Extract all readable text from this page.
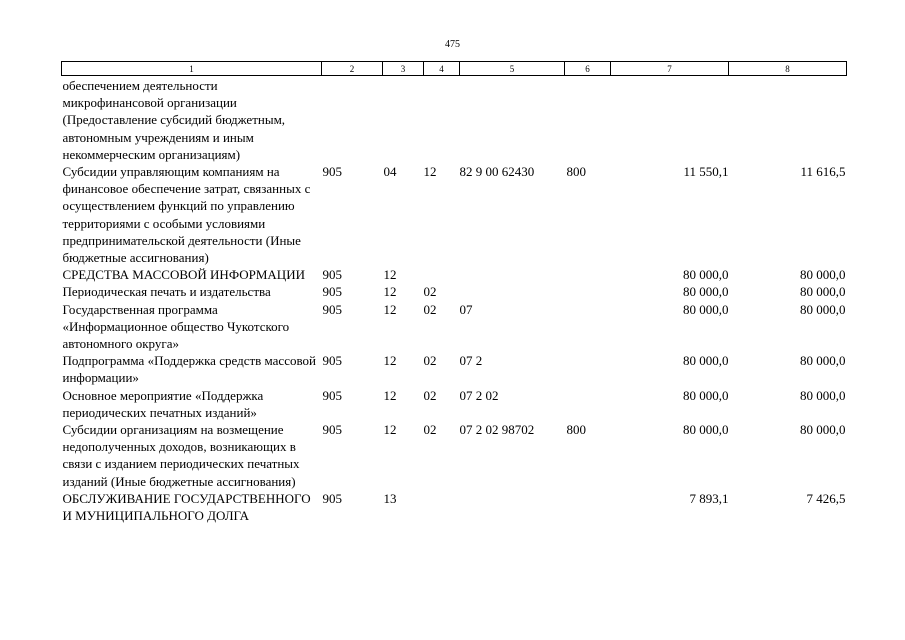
475
1	2	3	4	5	6	7	8
обеспечением деятельности микрофинансовой организации (Предоставление субсидий бюджетным, автономным учреждениям и иным некоммерческим организациям)							
Субсидии управляющим компаниям на финансовое обеспечение затрат, связанных с осуществлением функций по управлению территориями с особыми условиями предпринимательской деятельности (Иные бюджетные ассигнования)	905	04	12	82 9 00 62430	800	11 550,1	11 616,5
СРЕДСТВА МАССОВОЙ ИНФОРМАЦИИ	905	12				80 000,0	80 000,0
Периодическая печать и издательства	905	12	02			80 000,0	80 000,0
Государственная программа «Информационное общество Чукотского автономного округа»	905	12	02	07		80 000,0	80 000,0
Подпрограмма «Поддержка средств массовой информации»	905	12	02	07 2		80 000,0	80 000,0
Основное мероприятие «Поддержка периодических печатных изданий»	905	12	02	07 2 02		80 000,0	80 000,0
Субсидии организациям на возмещение недополученных доходов, возникающих в связи с изданием периодических печатных изданий (Иные бюджетные ассигнования)	905	12	02	07 2 02 98702	800	80 000,0	80 000,0
ОБСЛУЖИВАНИЕ ГОСУДАРСТВЕННОГО И МУНИЦИПАЛЬНОГО ДОЛГА	905	13				7 893,1	7 426,5
